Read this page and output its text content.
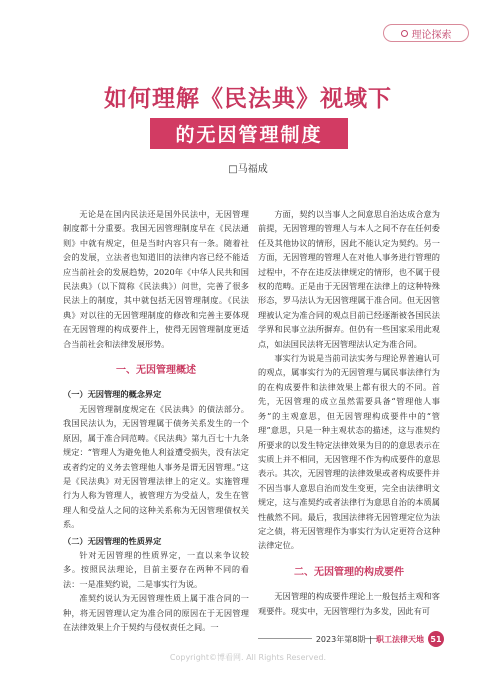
理论探索
如何理解《民法典》视域下
的无因管理制度
□马福成

无论是在国内民法还是国外民法中，无因管理制度都十分重要。我国无因管理制度早在《民法通则》中就有规定，但是当时内容只有一条。随着社会的发展，立法者也知道旧的法律内容已经不能适应当前社会的发展趋势，2020年《中华人民共和国民法典》（以下简称《民法典》）问世，完善了很多民法上的制度，其中就包括无因管理制度。《民法典》对以往的无因管理制度的修改和完善主要体现在无因管理的构成要件上，使得无因管理制度更适合当前社会和法律发展形势。

一、无因管理概述
（一）无因管理的概念界定

无因管理制度规定在《民法典》的债法部分。我国民法认为，无因管理属于债务关系发生的一个原因，属于准合同范畴。《民法典》第九百七十九条规定：“管理人为避免他人利益遭受损失，没有法定或者约定的义务去管理他人事务是谓无因管理。”这是《民法典》对无因管理法律上的定义。实施管理行为人称为管理人，被管理方为受益人，发生在管理人和受益人之间的这种关系称为无因管理债权关系。

（二）无因管理的性质界定

针对无因管理的性质界定，一直以来争议较多。按照民法理论，目前主要存在两种不同的看法：一是准契约说，二是事实行为说。

准契约说认为无因管理性质上属于准合同的一种，将无因管理认定为准合同的原因在于无因管理在法律效果上介于契约与侵权责任之间。一

方面，契约以当事人之间意思自治达成合意为前提，无因管理的管理人与本人之间不存在任何委任及其他协议的情形，因此不能认定为契约。另一方面，无因管理的管理人在对他人事务进行管理的过程中，不存在违反法律规定的情形，也不属于侵权的范畴。正是由于无因管理在法律上的这种特殊形态，罗马法认为无因管理属于准合同。但无因管理被认定为准合同的观点目前已经逐渐被各国民法学界和民事立法所摒弃。但仍有一些国家采用此观点，如法国民法将无因管理法认定为准合同。

事实行为说是当前司法实务与理论界普遍认可的观点，属事实行为的无因管理与属民事法律行为的在构成要件和法律效果上都有很大的不同。首先，无因管理的成立虽然需要具备“管理他人事务”的主观意思，但无因管理构成要件中的“管理”意思，只是一种主观状态的描述，这与准契约所要求的以发生特定法律效果为目的的意思表示在实质上并不相同，无因管理不作为构成要件的意思表示。其次，无因管理的法律效果或者构成要件并不因当事人意思自治而发生变更，完全由法律明文规定，这与准契约或者法律行为意思自治的本质属性截然不同。最后，我国法律将无因管理定位为法定之债，将无因管理作为事实行为认定更符合这种法律定位。

二、无因管理的构成要件

无因管理的构成要件理论上一般包括主观和客观要件。现实中，无因管理行为多发，因此有可

2023年第8期 | 职工法律天地 51
Copyright©博看网. All Rights Reserved.
